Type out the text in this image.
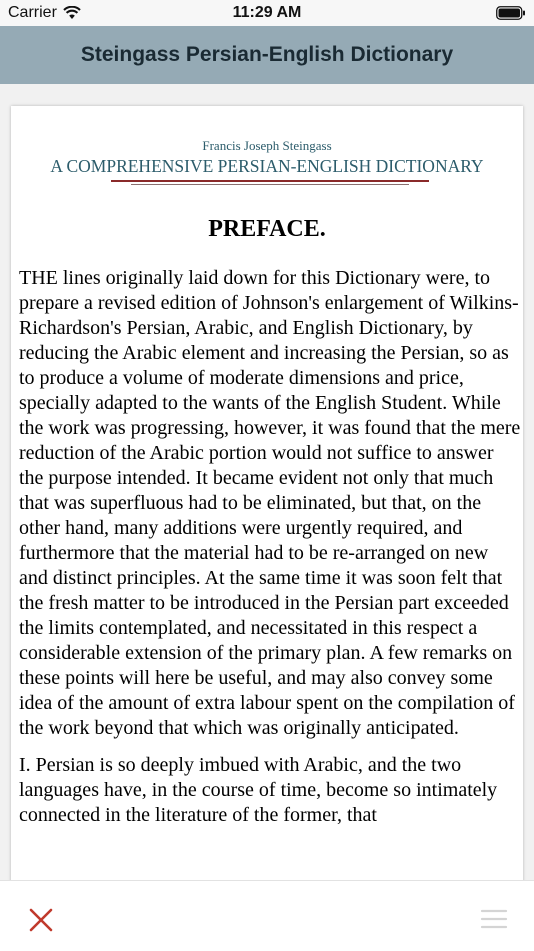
Carrier	11:29 AM
Steingass Persian-English Dictionary
Francis Joseph Steingass
A COMPREHENSIVE PERSIAN-ENGLISH DICTIONARY
PREFACE.

THE lines originally laid down for this Dictionary were, to prepare a revised edition of Johnson's enlargement of Wilkins-Richardson's Persian, Arabic, and English Dictionary, by reducing the Arabic element and increasing the Persian, so as to produce a volume of moderate dimensions and price, specially adapted to the wants of the English Student. While the work was progressing, however, it was found that the mere reduction of the Arabic portion would not suffice to answer the purpose intended. It became evident not only that much that was superfluous had to be eliminated, but that, on the other hand, many additions were urgently required, and furthermore that the material had to be re-arranged on new and distinct principles. At the same time it was soon felt that the fresh matter to be introduced in the Persian part exceeded the limits contemplated, and necessitated in this respect a considerable extension of the primary plan. A few remarks on these points will here be useful, and may also convey some idea of the amount of extra labour spent on the compilation of the work beyond that which was originally anticipated.

I. Persian is so deeply imbued with Arabic, and the two languages have, in the course of time, become so intimately connected in the literature of the former, that
